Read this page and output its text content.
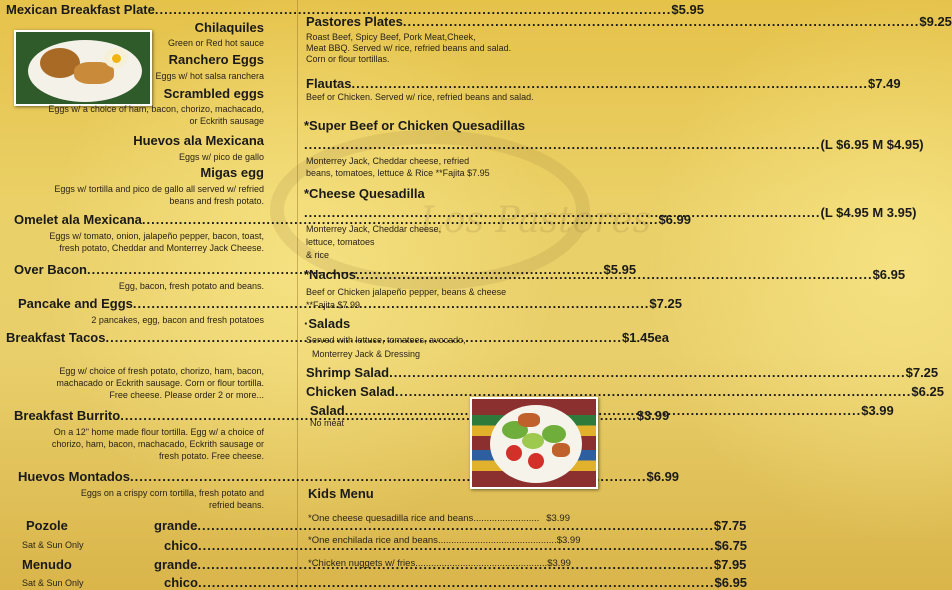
Los Pastores
Mexican Breakfast Plate .....	$5.95
Chilaquiles
Green or Red hot sauce
Ranchero Eggs
Eggs w/ hot salsa ranchera
Scrambled eggs
Eggs w/ a choice of ham, bacon, chorizo, machacado,
or Eckrith sausage
Huevos ala Mexicana
Eggs w/ pico de gallo
Migas egg
Eggs w/ tortilla and pico de gallo all served w/ refried
beans and fresh potato.
Omelet ala Mexicana .....	$6.99
Eggs w/ tomato, onion, jalapeño pepper, bacon, toast,
fresh potato, Cheddar and Monterrey Jack Cheese.
Over Bacon .....	$5.95
Egg, bacon, fresh potato and beans.
Pancake and Eggs .....	$7.25
2 pancakes, egg, bacon and fresh potatoes
Breakfast Tacos .....	$1.45ea
Egg w/ choice of fresh potato, chorizo, ham, bacon,
machacado or Eckrith sausage. Corn or flour tortilla.
Free cheese. Please order 2 or more...
Breakfast Burrito .....	$3.99
On a 12" home made flour tortilla. Egg w/ a choice of
chorizo, ham, bacon, machacado, Eckrith sausage or
fresh potato. Free cheese.
Huevos Montados .....	$6.99
Eggs on a crispy corn tortilla, fresh potato and
refried beans.
Pozole
Sat & Sun Only
grande .....	$7.75
chico .....	$6.75
Menudo
Sat & Sun Only
grande .....	$7.95
chico .....	$6.95
Pastores Plates .....	$9.25
Roast Beef, Spicy Beef, Pork Meat,Cheek,
Meat BBQ. Served w/ rice, refried beans and salad.
Corn or flour tortillas.
Flautas .....	$7.49
Beef or Chicken. Served w/ rice, refried beans and salad.
*Super Beef or Chicken Quesadillas
.....
(L $6.95 M $4.95)
Monterrey Jack, Cheddar cheese, refried
beans, tomatoes, lettuce & Rice **Fajita $7.95
*Cheese Quesadilla
.....
(L $4.95 M 3.95)
Monterrey Jack, Cheddar cheese,
lettuce, tomatoes
& rice
*Nachos .....	$6.95
Beef or Chicken jalapeño pepper, beans & cheese
**Fajita $7.99
·Salads
Served with lettuce, tomatoes, avocado,
Monterrey Jack & Dressing
Shrimp Salad .....	$7.25
Chicken Salad .....	$6.25
Salad .....	$3.99
No meat
Kids Menu
*One cheese quesadilla rice and beans ......................... $3.99
*One enchilada rice and beans ............................................. $3.99
*Chicken nuggets w/ fries .................................................. $3.99
